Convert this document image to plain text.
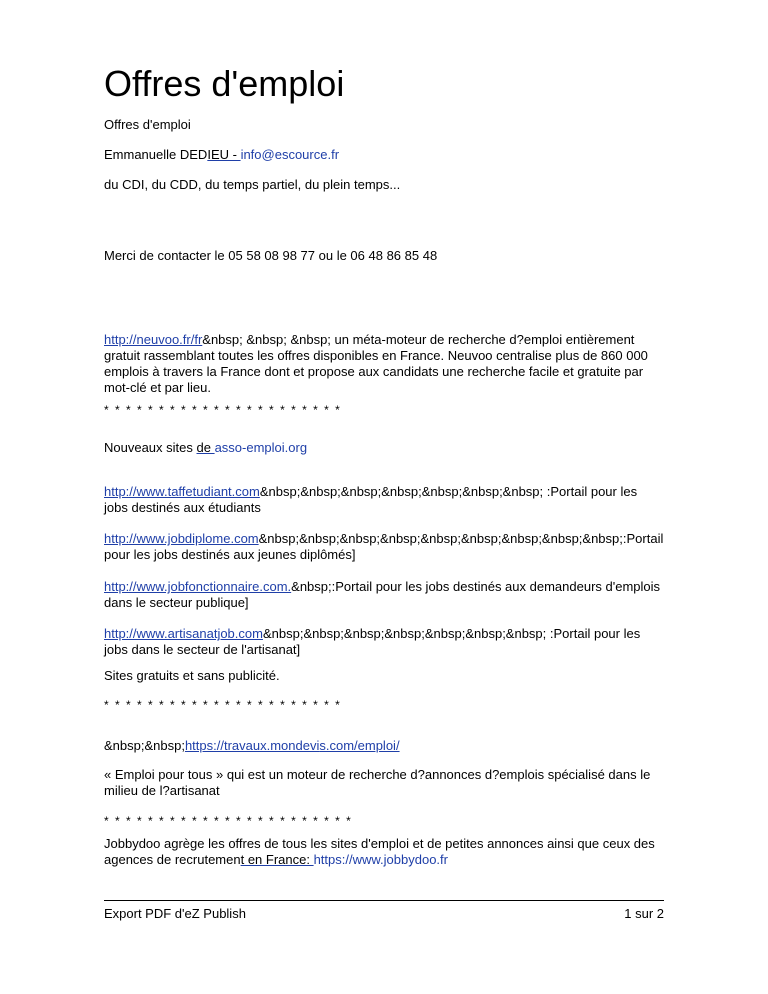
Offres d'emploi

Offres d'emploi

Emmanuelle DEDIEU - info@escource.fr

du CDI, du CDD, du temps partiel, du plein temps...

Merci de contacter le 05 58 08 98 77 ou le 06 48 86 85 48

http://neuvoo.fr/fr&nbsp; &nbsp; &nbsp; un méta-moteur de recherche d?emploi entièrement gratuit rassemblant toutes les offres disponibles en France. Neuvoo centralise plus de 860 000 emplois à travers la France dont et propose aux candidats une recherche facile et gratuite par mot-clé et par lieu.

* * * * * * * * * * * * * * * * * * * * * *

Nouveaux sites de asso-emploi.org

http://www.taffetudiant.com&nbsp;&nbsp;&nbsp;&nbsp;&nbsp;&nbsp;&nbsp; :Portail pour les jobs destinés aux étudiants

http://www.jobdiplome.com&nbsp;&nbsp;&nbsp;&nbsp;&nbsp;&nbsp;&nbsp;&nbsp;&nbsp;:Portail pour les jobs destinés aux jeunes diplômés]

http://www.jobfonctionnaire.com.&nbsp;:Portail pour les jobs destinés aux demandeurs d'emplois dans le secteur publique]

http://www.artisanatjob.com&nbsp;&nbsp;&nbsp;&nbsp;&nbsp;&nbsp;&nbsp; :Portail pour les jobs dans le secteur de l'artisanat]

Sites gratuits et sans publicité.

* * * * * * * * * * * * * * * * * * * * * *

&nbsp;&nbsp;https://travaux.mondevis.com/emploi/

« Emploi pour tous » qui est un moteur de recherche d?annonces d?emplois spécialisé dans le milieu de l?artisanat

* * * * * * * * * * * * * * * * * * * * * * *

Jobbydoo agrège les offres de tous les sites d'emploi et de petites annonces ainsi que ceux des agences de recrutement en France: https://www.jobbydoo.fr

Export PDF d'eZ Publish	1 sur 2
